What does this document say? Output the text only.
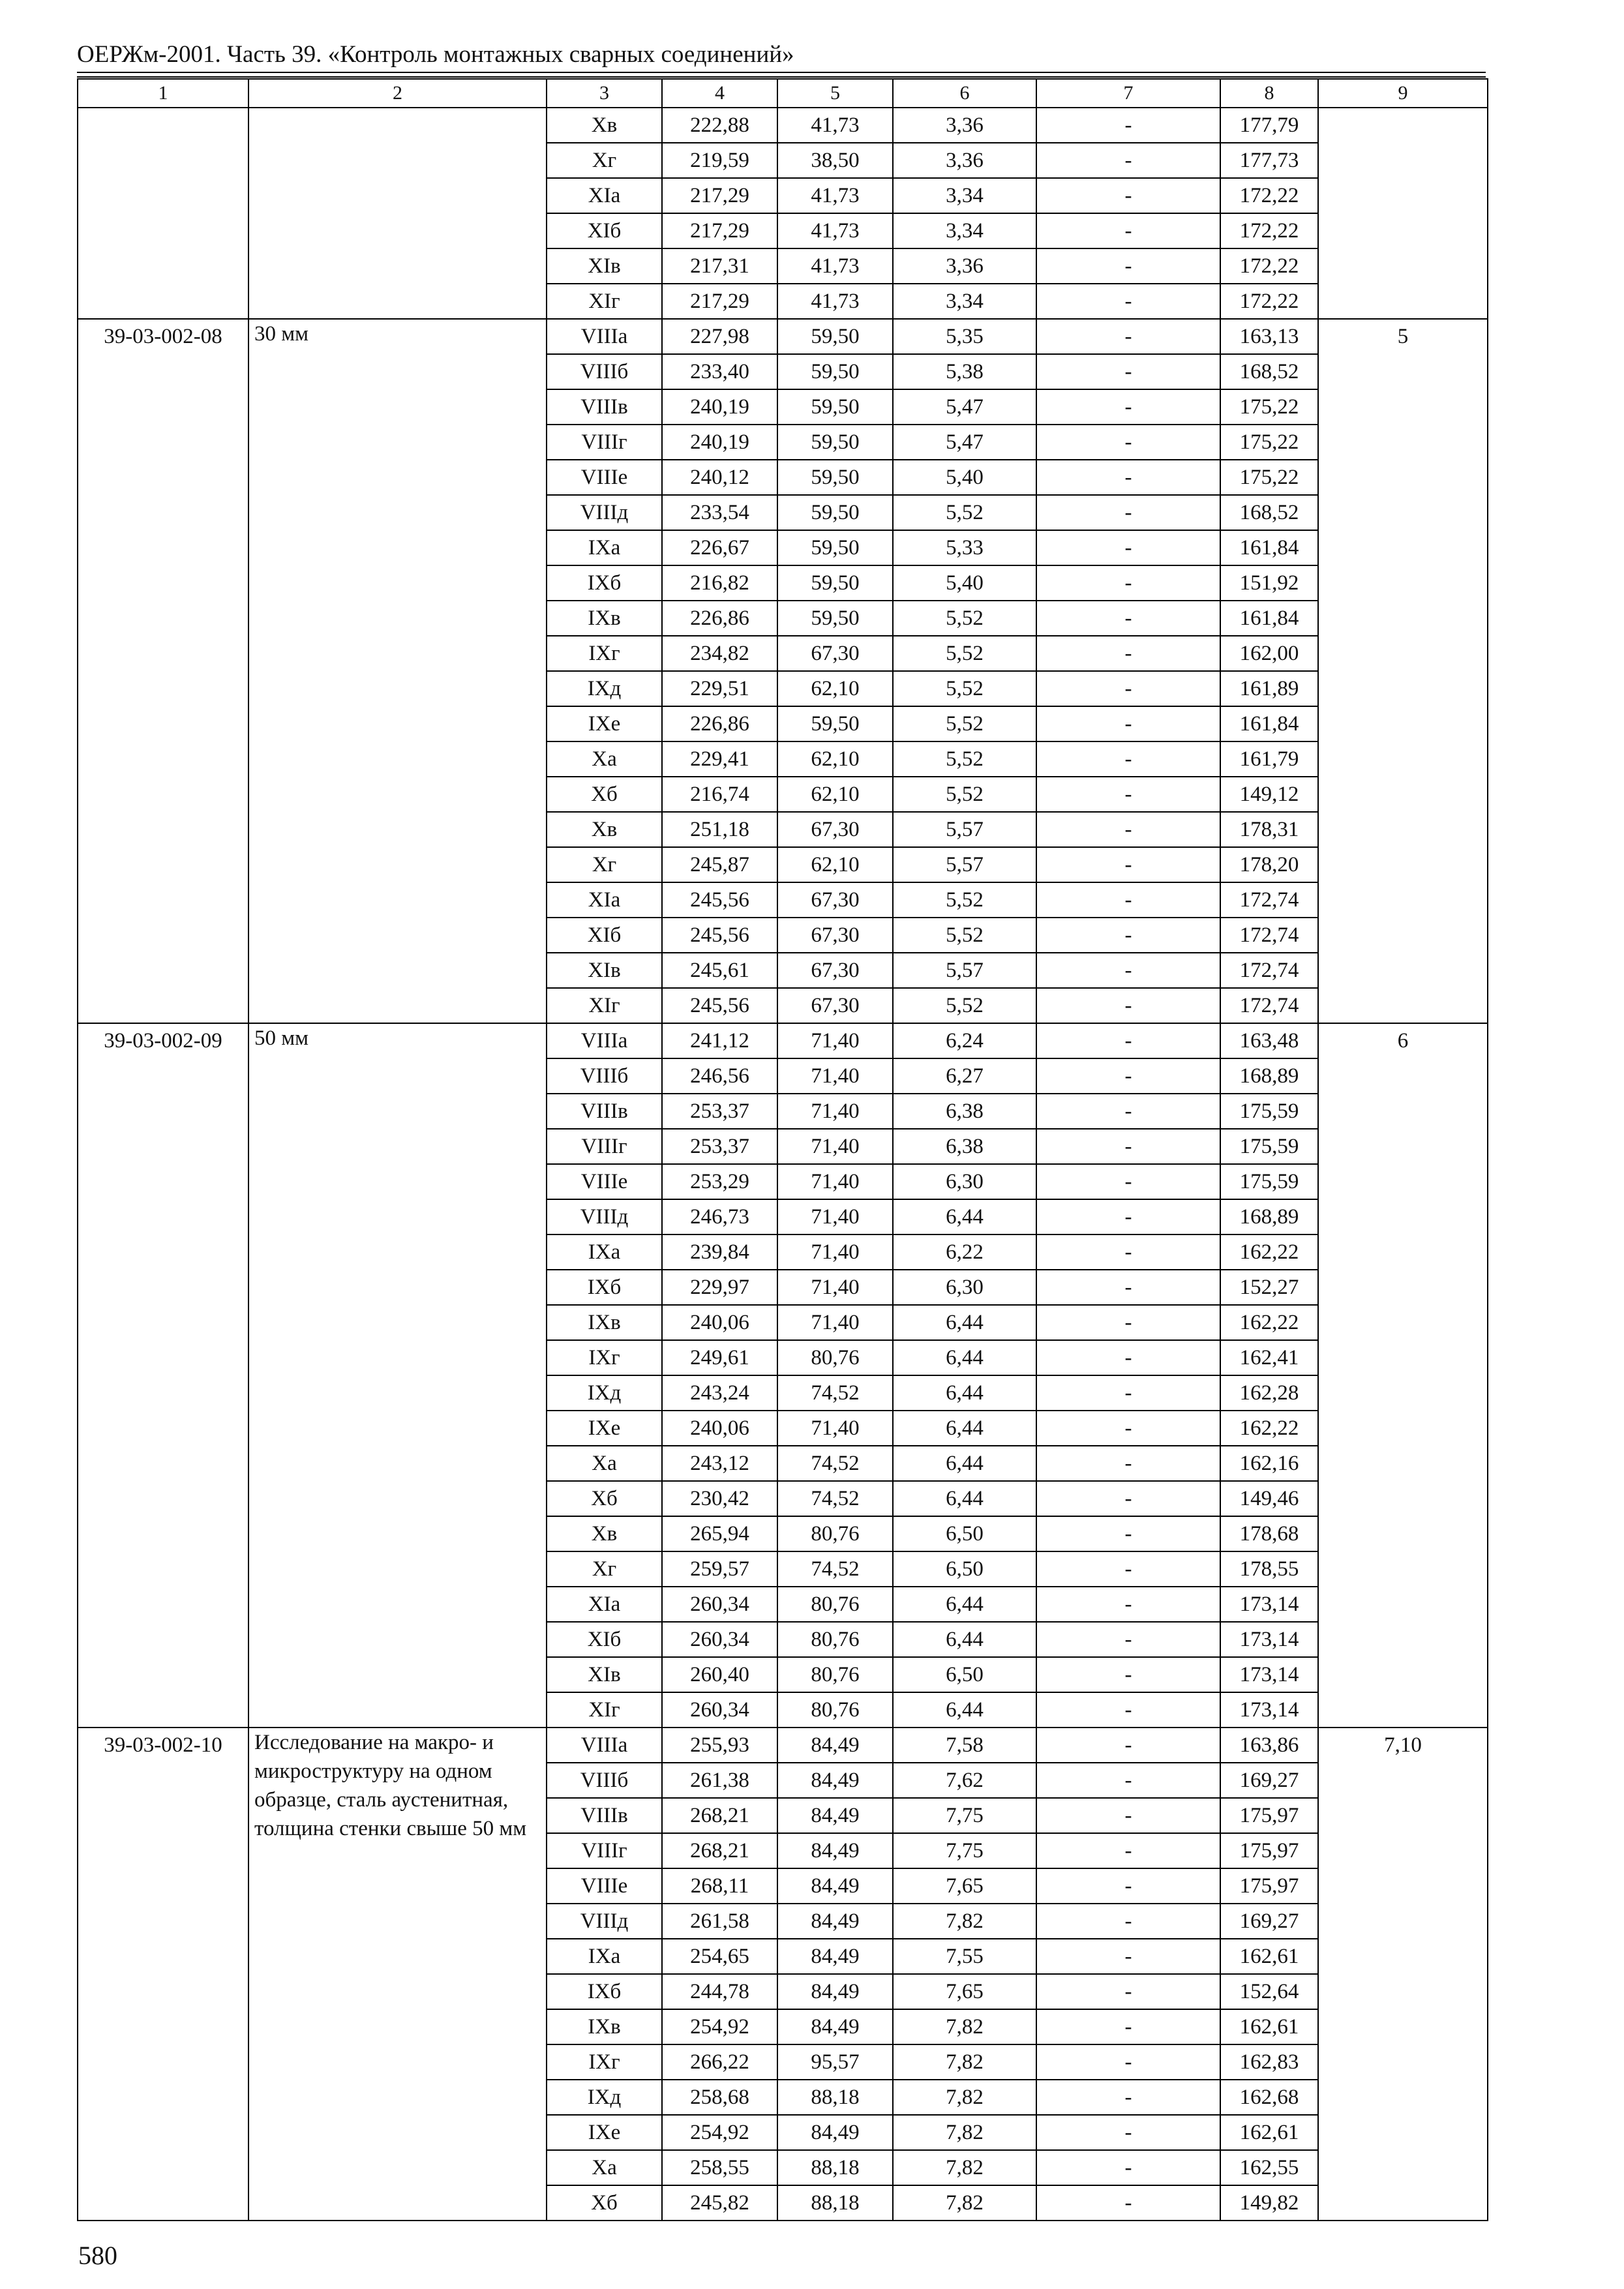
ОЕРЖм-2001. Часть 39. «Контроль монтажных сварных соединений»
1	2	3	4	5	6	7	8	9
		Хв	222,88	41,73	3,36	-	177,79	
		Хг	219,59	38,50	3,36	-	177,73	
		ХIа	217,29	41,73	3,34	-	172,22	
		ХIб	217,29	41,73	3,34	-	172,22	
		ХIв	217,31	41,73	3,36	-	172,22	
		ХIг	217,29	41,73	3,34	-	172,22	
39-03-002-08	30 мм	VIIIа	227,98	59,50	5,35	-	163,13	5
		VIIIб	233,40	59,50	5,38	-	168,52	
		VIIIв	240,19	59,50	5,47	-	175,22	
		VIIIг	240,19	59,50	5,47	-	175,22	
		VIIIе	240,12	59,50	5,40	-	175,22	
		VIIIд	233,54	59,50	5,52	-	168,52	
		IХа	226,67	59,50	5,33	-	161,84	
		IХб	216,82	59,50	5,40	-	151,92	
		IХв	226,86	59,50	5,52	-	161,84	
		IХг	234,82	67,30	5,52	-	162,00	
		IХд	229,51	62,10	5,52	-	161,89	
		IХе	226,86	59,50	5,52	-	161,84	
		Ха	229,41	62,10	5,52	-	161,79	
		Хб	216,74	62,10	5,52	-	149,12	
		Хв	251,18	67,30	5,57	-	178,31	
		Хг	245,87	62,10	5,57	-	178,20	
		ХIа	245,56	67,30	5,52	-	172,74	
		ХIб	245,56	67,30	5,52	-	172,74	
		ХIв	245,61	67,30	5,57	-	172,74	
		ХIг	245,56	67,30	5,52	-	172,74	
39-03-002-09	50 мм	VIIIа	241,12	71,40	6,24	-	163,48	6
		VIIIб	246,56	71,40	6,27	-	168,89	
		VIIIв	253,37	71,40	6,38	-	175,59	
		VIIIг	253,37	71,40	6,38	-	175,59	
		VIIIе	253,29	71,40	6,30	-	175,59	
		VIIIд	246,73	71,40	6,44	-	168,89	
		IХа	239,84	71,40	6,22	-	162,22	
		IХб	229,97	71,40	6,30	-	152,27	
		IХв	240,06	71,40	6,44	-	162,22	
		IХг	249,61	80,76	6,44	-	162,41	
		IХд	243,24	74,52	6,44	-	162,28	
		IХе	240,06	71,40	6,44	-	162,22	
		Ха	243,12	74,52	6,44	-	162,16	
		Хб	230,42	74,52	6,44	-	149,46	
		Хв	265,94	80,76	6,50	-	178,68	
		Хг	259,57	74,52	6,50	-	178,55	
		ХIа	260,34	80,76	6,44	-	173,14	
		ХIб	260,34	80,76	6,44	-	173,14	
		ХIв	260,40	80,76	6,50	-	173,14	
		ХIг	260,34	80,76	6,44	-	173,14	
39-03-002-10	Исследование на макро- и микроструктуру на одном образце, сталь аустенитная, толщина стенки свыше 50 мм	VIIIа	255,93	84,49	7,58	-	163,86	7,10
		VIIIб	261,38	84,49	7,62	-	169,27	
		VIIIв	268,21	84,49	7,75	-	175,97	
		VIIIг	268,21	84,49	7,75	-	175,97	
		VIIIе	268,11	84,49	7,65	-	175,97	
		VIIIд	261,58	84,49	7,82	-	169,27	
		IХа	254,65	84,49	7,55	-	162,61	
		IХб	244,78	84,49	7,65	-	152,64	
		IХв	254,92	84,49	7,82	-	162,61	
		IХг	266,22	95,57	7,82	-	162,83	
		IХд	258,68	88,18	7,82	-	162,68	
		IХе	254,92	84,49	7,82	-	162,61	
		Ха	258,55	88,18	7,82	-	162,55	
		Хб	245,82	88,18	7,82	-	149,82	
580
